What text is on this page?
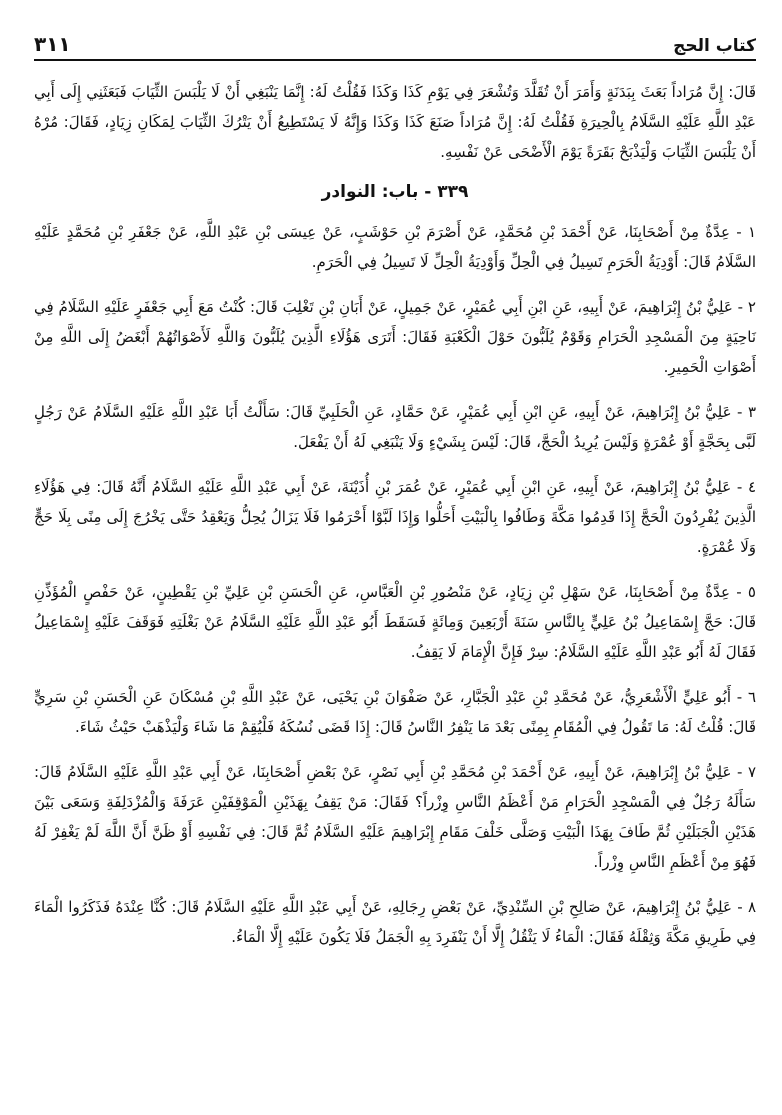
كتاب الحج
٣١١

قَالَ: إِنَّ مُرَاداً بَعَثَ بِبَدَنَةٍ وَأَمَرَ أَنْ تُقَلَّدَ وَتُشْعَرَ فِي يَوْمِ كَذَا وَكَذَا فَقُلْتُ لَهُ: إِنَّمَا يَنْبَغِي أَنْ لَا يَلْبَسَ الثِّيَابَ فَبَعَثَنِي إِلَى أَبِي عَبْدِ اللَّهِ عَلَيْهِ السَّلَامُ بِالْحِيرَةِ فَقُلْتُ لَهُ: إِنَّ مُرَاداً صَنَعَ كَذَا وَكَذَا وَإِنَّهُ لَا يَسْتَطِيعُ أَنْ يَتْرُكَ الثِّيَابَ لِمَكَانِ زِيَادٍ، فَقَالَ: مُرْهُ أَنْ يَلْبَسَ الثِّيَابَ وَلْيَذْبَحْ بَقَرَةً يَوْمَ الْأَضْحَى عَنْ نَفْسِهِ.

٣٣٩ - باب: النوادر

١ - عِدَّةٌ مِنْ أَصْحَابِنَا، عَنْ أَحْمَدَ بْنِ مُحَمَّدٍ، عَنْ أَصْرَمَ بْنِ حَوْشَبٍ، عَنْ عِيسَى بْنِ عَبْدِ اللَّهِ، عَنْ جَعْفَرِ بْنِ مُحَمَّدٍ عَلَيْهِ السَّلَامُ قَالَ: أَوْدِيَةُ الْحَرَمِ تَسِيلُ فِي الْحِلِّ وَأَوْدِيَةُ الْحِلِّ لَا تَسِيلُ فِي الْحَرَمِ.

٢ - عَلِيُّ بْنُ إِبْرَاهِيمَ، عَنْ أَبِيهِ، عَنِ ابْنِ أَبِي عُمَيْرٍ، عَنْ جَمِيلٍ، عَنْ أَبَانِ بْنِ تَغْلِبَ قَالَ: كُنْتُ مَعَ أَبِي جَعْفَرٍ عَلَيْهِ السَّلَامُ فِي نَاحِيَةٍ مِنَ الْمَسْجِدِ الْحَرَامِ وَقَوْمٌ يُلَبُّونَ حَوْلَ الْكَعْبَةِ فَقَالَ: أَتَرَى هَؤُلَاءِ الَّذِينَ يُلَبُّونَ وَاللَّهِ لَأَصْوَاتُهُمْ أَبْغَضُ إِلَى اللَّهِ مِنْ أَصْوَاتِ الْحَمِيرِ.

٣ - عَلِيُّ بْنُ إِبْرَاهِيمَ، عَنْ أَبِيهِ، عَنِ ابْنِ أَبِي عُمَيْرٍ، عَنْ حَمَّادٍ، عَنِ الْحَلَبِيِّ قَالَ: سَأَلْتُ أَبَا عَبْدِ اللَّهِ عَلَيْهِ السَّلَامُ عَنْ رَجُلٍ لَبَّى بِحَجَّةٍ أَوْ عُمْرَةٍ وَلَيْسَ يُرِيدُ الْحَجَّ، قَالَ: لَيْسَ بِشَيْءٍ وَلَا يَنْبَغِي لَهُ أَنْ يَفْعَلَ.

٤ - عَلِيُّ بْنُ إِبْرَاهِيمَ، عَنْ أَبِيهِ، عَنِ ابْنِ أَبِي عُمَيْرٍ، عَنْ عُمَرَ بْنِ أُذَيْنَةَ، عَنْ أَبِي عَبْدِ اللَّهِ عَلَيْهِ السَّلَامُ أَنَّهُ قَالَ: فِي هَؤُلَاءِ الَّذِينَ يُفْرِدُونَ الْحَجَّ إِذَا قَدِمُوا مَكَّةَ وَطَافُوا بِالْبَيْتِ أَحَلُّوا وَإِذَا لَبَّوْا أَحْرَمُوا فَلَا يَزَالُ يُحِلُّ وَيَعْقِدُ حَتَّى يَخْرُجَ إِلَى مِنًى بِلَا حَجٍّ وَلَا عُمْرَةٍ.

٥ - عِدَّةٌ مِنْ أَصْحَابِنَا، عَنْ سَهْلِ بْنِ زِيَادٍ، عَنْ مَنْصُورِ بْنِ الْعَبَّاسِ، عَنِ الْحَسَنِ بْنِ عَلِيِّ بْنِ يَقْطِينٍ، عَنْ حَفْصٍ الْمُؤَذِّنِ قَالَ: حَجَّ إِسْمَاعِيلُ بْنُ عَلِيٍّ بِالنَّاسِ سَنَةَ أَرْبَعِينَ وَمِائَةٍ فَسَقَطَ أَبُو عَبْدِ اللَّهِ عَلَيْهِ السَّلَامُ عَنْ بَغْلَتِهِ فَوَقَفَ عَلَيْهِ إِسْمَاعِيلُ فَقَالَ لَهُ أَبُو عَبْدِ اللَّهِ عَلَيْهِ السَّلَامُ: سِرْ فَإِنَّ الْإِمَامَ لَا يَقِفُ.

٦ - أَبُو عَلِيٍّ الْأَشْعَرِيُّ، عَنْ مُحَمَّدِ بْنِ عَبْدِ الْجَبَّارِ، عَنْ صَفْوَانَ بْنِ يَحْيَى، عَنْ عَبْدِ اللَّهِ بْنِ مُسْكَانَ عَنِ الْحَسَنِ بْنِ سَرِيٍّ قَالَ: قُلْتُ لَهُ: مَا تَقُولُ فِي الْمُقَامِ بِمِنًى بَعْدَ مَا يَنْفِرُ النَّاسُ قَالَ: إِذَا قَضَى نُسُكَهُ فَلْيُقِمْ مَا شَاءَ وَلْيَذْهَبْ حَيْثُ شَاءَ.

٧ - عَلِيُّ بْنُ إِبْرَاهِيمَ، عَنْ أَبِيهِ، عَنْ أَحْمَدَ بْنِ مُحَمَّدِ بْنِ أَبِي نَصْرٍ، عَنْ بَعْضِ أَصْحَابِنَا، عَنْ أَبِي عَبْدِ اللَّهِ عَلَيْهِ السَّلَامُ قَالَ: سَأَلَهُ رَجُلٌ فِي الْمَسْجِدِ الْحَرَامِ مَنْ أَعْظَمُ النَّاسِ وِزْراً؟ فَقَالَ: مَنْ يَقِفُ بِهَذَيْنِ الْمَوْقِفَيْنِ عَرَفَةَ وَالْمُزْدَلِفَةِ وَسَعَى بَيْنَ هَذَيْنِ الْجَبَلَيْنِ ثُمَّ طَافَ بِهَذَا الْبَيْتِ وَصَلَّى خَلْفَ مَقَامِ إِبْرَاهِيمَ عَلَيْهِ السَّلَامُ ثُمَّ قَالَ: فِي نَفْسِهِ أَوْ ظَنَّ أَنَّ اللَّهَ لَمْ يَغْفِرْ لَهُ فَهُوَ مِنْ أَعْظَمِ النَّاسِ وِزْراً.

٨ - عَلِيُّ بْنُ إِبْرَاهِيمَ، عَنْ صَالِحِ بْنِ السِّنْدِيِّ، عَنْ بَعْضِ رِجَالِهِ، عَنْ أَبِي عَبْدِ اللَّهِ عَلَيْهِ السَّلَامُ قَالَ: كُنَّا عِنْدَهُ فَذَكَرُوا الْمَاءَ فِي طَرِيقِ مَكَّةَ وَثِقْلَهُ فَقَالَ: الْمَاءُ لَا يَثْقُلُ إِلَّا أَنْ يَنْفَرِدَ بِهِ الْجَمَلُ فَلَا يَكُونَ عَلَيْهِ إِلَّا الْمَاءُ.
